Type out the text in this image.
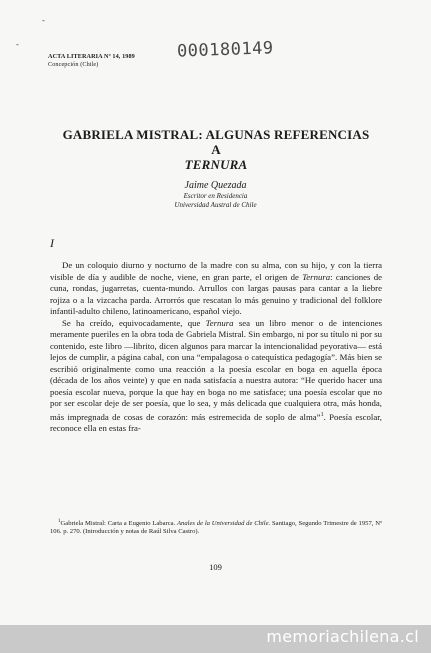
-
-
ACTA LITERARIA Nº 14, 1989
Concepción (Chile)
000180149
GABRIELA MISTRAL: ALGUNAS REFERENCIAS A
TERNURA
Jaime Quezada
Escritor en Residencia
Universidad Austral de Chile
I

De un coloquio diurno y nocturno de la madre con su alma, con su hijo, y con la tierra visible de día y audible de noche, viene, en gran parte, el origen de Ternura: canciones de cuna, rondas, jugarretas, cuenta-mundo. Arrullos con largas pausas para cantar a la liebre rojiza o a la vizcacha parda. Arrorrós que rescatan lo más genuino y tradicional del folklore infantil-adulto chileno, latinoamericano, español viejo.

Se ha creído, equivocadamente, que Ternura sea un libro menor o de intenciones meramente pueriles en la obra toda de Gabriela Mistral. Sin embargo, ni por su título ni por su contenido, este libro —librito, dicen algunos para marcar la intencionalidad peyorativa— está lejos de cumplir, a página cabal, con una “empalagosa o catequística pedagogía”. Más bien se escribió originalmente como una reacción a la poesía escolar en boga en aquella época (década de los años veinte) y que en nada satisfacía a nuestra autora: “He querido hacer una poesía escolar nueva, porque la que hay en boga no me satisface; una poesía escolar que no por ser escolar deje de ser poesía, que lo sea, y más delicada que cualquiera otra, más honda, más impregnada de cosas de corazón: más estremecida de soplo de alma”$^1$. Poesía escolar, reconoce ella en estas fra-

$^1$Gabriela Mistral: Carta a Eugenio Labarca. Anales de la Universidad de Chile. Santiago, Segundo Trimestre de 1957, Nº 106. p. 270. (Introducción y notas de Raúl Silva Castro).

109
memoriachilena.cl
